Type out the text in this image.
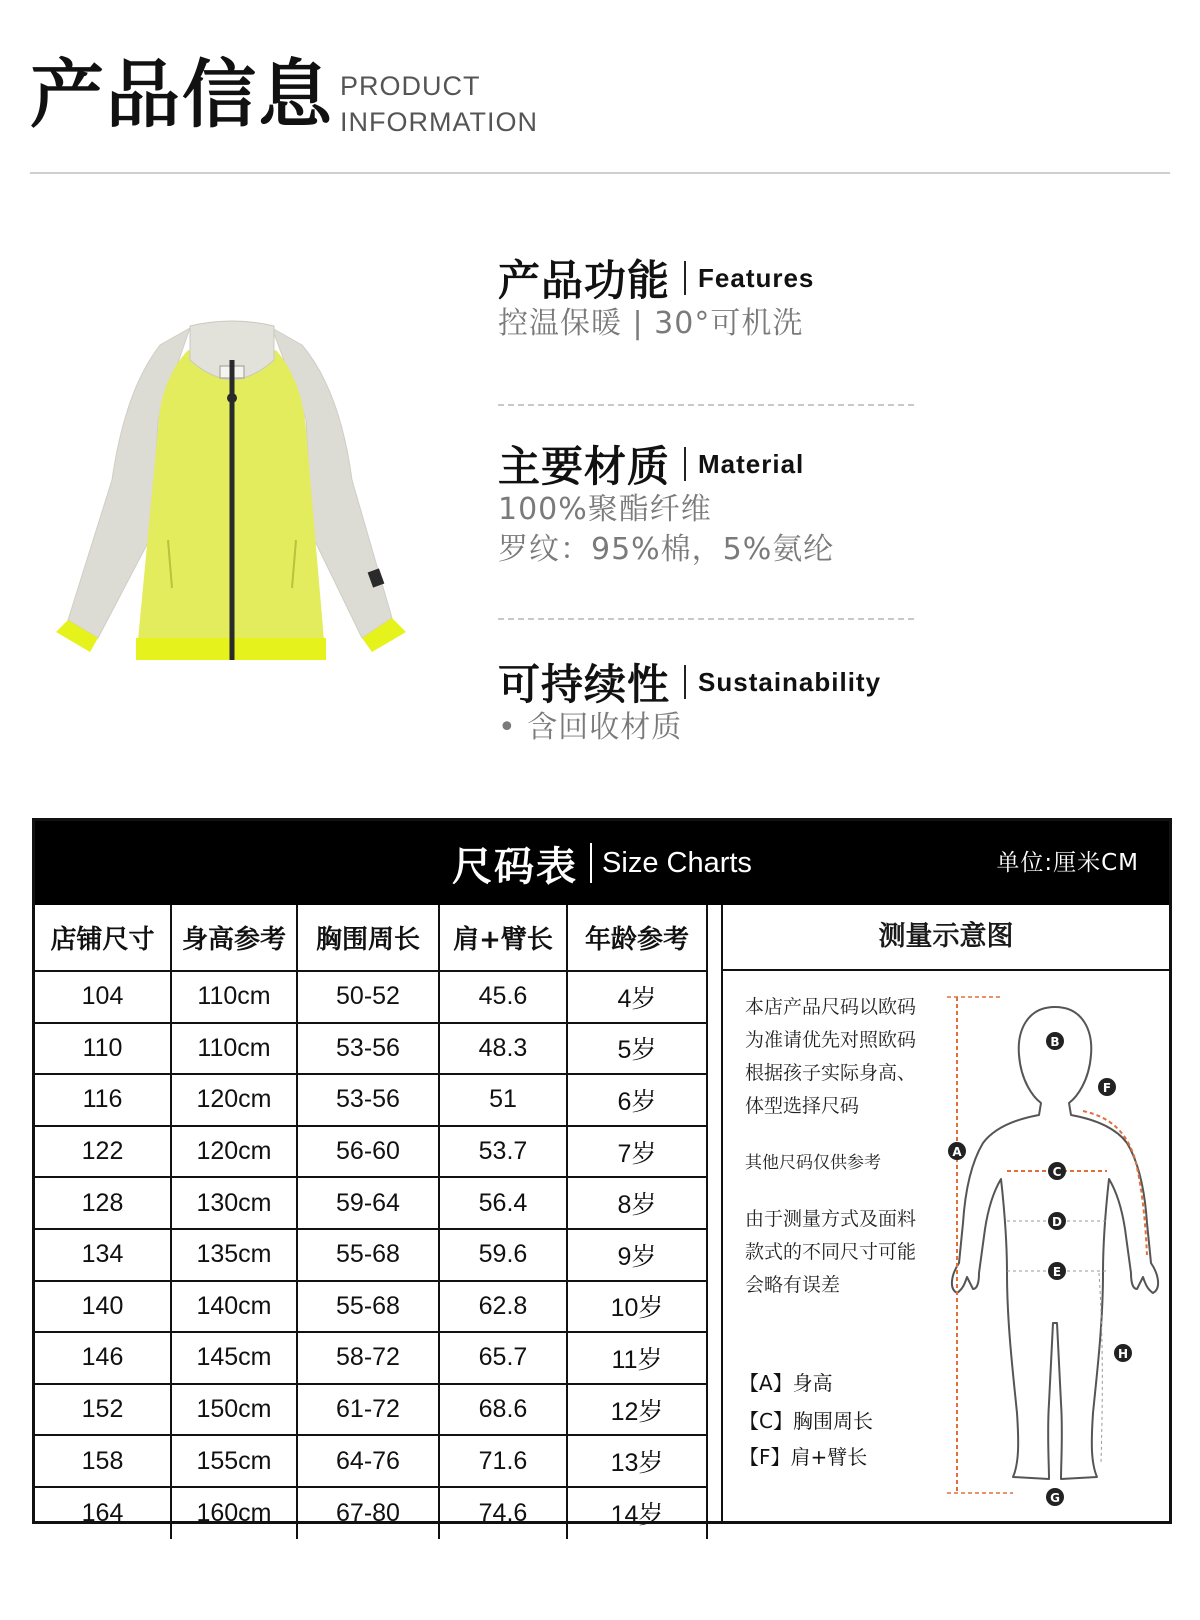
产品信息 PRODUCT
INFORMATION
产品功能 Features
控温保暖 | 30°可机洗
主要材质 Material
100%聚酯纤维
罗纹：95%棉，5%氨纶
可持续性 Sustainability
• 含回收材质
尺码表 Size Charts	单位:厘米CM
店铺尺寸	身高参考	胸围周长	肩+臂长	年龄参考
104	110cm	50-52	45.6	4岁
110	110cm	53-56	48.3	5岁
116	120cm	53-56	51	6岁
122	120cm	56-60	53.7	7岁
128	130cm	59-64	56.4	8岁
134	135cm	55-68	59.6	9岁
140	140cm	55-68	62.8	10岁
146	145cm	58-72	65.7	11岁
152	150cm	61-72	68.6	12岁
158	155cm	64-76	71.6	13岁
164	160cm	67-80	74.6	14岁
测量示意图
本店产品尺码以欧码
为准请优先对照欧码
根据孩子实际身高、
体型选择尺码
其他尺码仅供参考
由于测量方式及面料
款式的不同尺寸可能
会略有误差
【A】身高
【C】胸围周长
【F】肩+臂长
A
B
C
D
E
F
G
H
